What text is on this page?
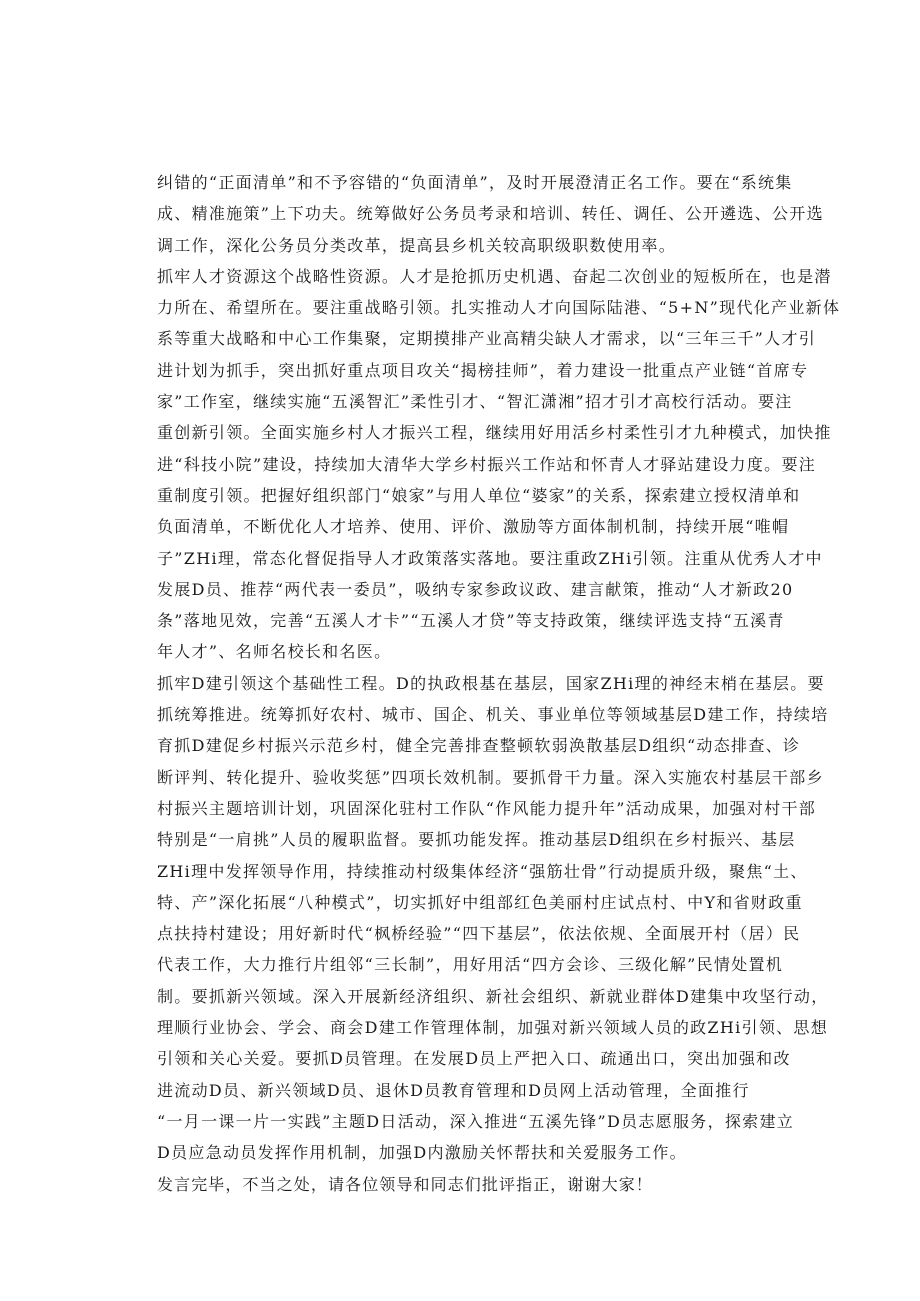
纠错的“正面清单”和不予容错的“负面清单”，及时开展澄清正名工作。要在“系统集
成、精准施策”上下功夫。统筹做好公务员考录和培训、转任、调任、公开遴选、公开选
调工作，深化公务员分类改革，提高县乡机关较高职级职数使用率。
抓牢人才资源这个战略性资源。人才是抢抓历史机遇、奋起二次创业的短板所在，也是潜
力所在、希望所在。要注重战略引领。扎实推动人才向国际陆港、“5+N”现代化产业新体
系等重大战略和中心工作集聚，定期摸排产业高精尖缺人才需求，以“三年三千”人才引
进计划为抓手，突出抓好重点项目攻关“揭榜挂师”，着力建设一批重点产业链“首席专
家”工作室，继续实施“五溪智汇”柔性引才、“智汇潇湘”招才引才高校行活动。要注
重创新引领。全面实施乡村人才振兴工程，继续用好用活乡村柔性引才九种模式，加快推
进“科技小院”建设，持续加大清华大学乡村振兴工作站和怀青人才驿站建设力度。要注
重制度引领。把握好组织部门“娘家”与用人单位“婆家”的关系，探索建立授权清单和
负面清单，不断优化人才培养、使用、评价、激励等方面体制机制，持续开展“唯帽
子”ZHi理，常态化督促指导人才政策落实落地。要注重政ZHi引领。注重从优秀人才中
发展D员、推荐“两代表一委员”，吸纳专家参政议政、建言献策，推动“人才新政20
条”落地见效，完善“五溪人才卡”“五溪人才贷”等支持政策，继续评选支持“五溪青
年人才”、名师名校长和名医。
抓牢D建引领这个基础性工程。D的执政根基在基层，国家ZHi理的神经末梢在基层。要
抓统筹推进。统筹抓好农村、城市、国企、机关、事业单位等领域基层D建工作，持续培
育抓D建促乡村振兴示范乡村，健全完善排查整顿软弱涣散基层D组织“动态排查、诊
断评判、转化提升、验收奖惩”四项长效机制。要抓骨干力量。深入实施农村基层干部乡
村振兴主题培训计划，巩固深化驻村工作队“作风能力提升年”活动成果，加强对村干部
特别是“一肩挑”人员的履职监督。要抓功能发挥。推动基层D组织在乡村振兴、基层
ZHi理中发挥领导作用，持续推动村级集体经济“强筋壮骨”行动提质升级，聚焦“土、
特、产”深化拓展“八种模式”，切实抓好中组部红色美丽村庄试点村、中Y和省财政重
点扶持村建设；用好新时代“枫桥经验”“四下基层”，依法依规、全面展开村（居）民
代表工作，大力推行片组邻“三长制”，用好用活“四方会诊、三级化解”民情处置机
制。要抓新兴领域。深入开展新经济组织、新社会组织、新就业群体D建集中攻坚行动，
理顺行业协会、学会、商会D建工作管理体制，加强对新兴领域人员的政ZHi引领、思想
引领和关心关爱。要抓D员管理。在发展D员上严把入口、疏通出口，突出加强和改
进流动D员、新兴领域D员、退休D员教育管理和D员网上活动管理，全面推行
“一月一课一片一实践”主题D日活动，深入推进“五溪先锋”D员志愿服务，探索建立
D员应急动员发挥作用机制，加强D内激励关怀帮扶和关爱服务工作。
发言完毕，不当之处，请各位领导和同志们批评指正，谢谢大家！
